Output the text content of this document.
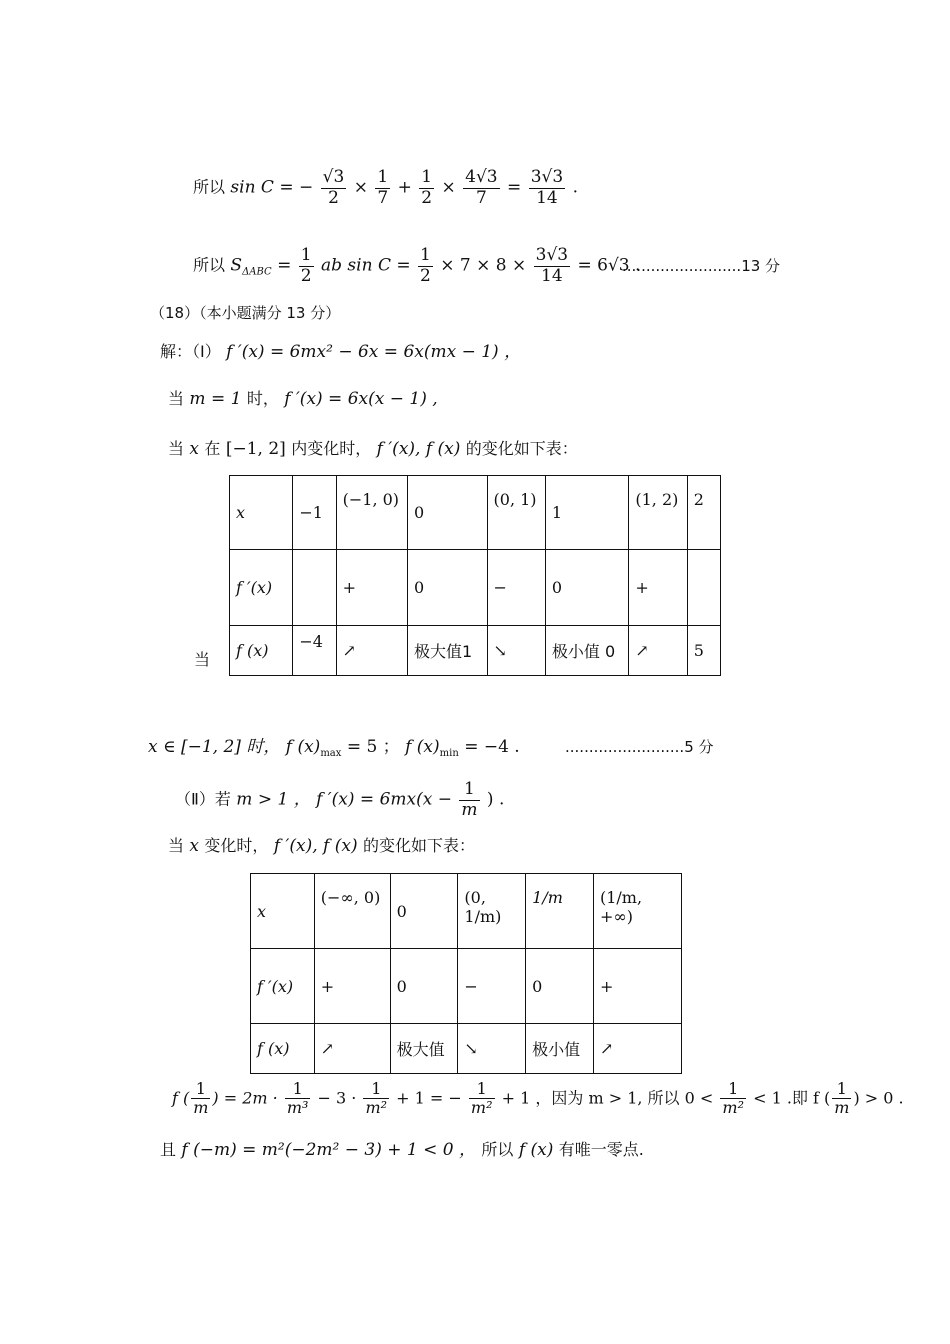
所以 sin C = − $\frac{√3}{2} \times \frac{1}{7} + \frac{1}{2} \times \frac{4√3}{7} = \frac{3√3}{14}$ .
所以 $S_{\Delta ABC} = \frac{1}{2}$ ab $\sin C = \frac{1}{2} \times 7 \times 8 \times \frac{3√3}{14} = 6√3$ .
.........................13 分
（18）（本小题满分 13 分）
解：（Ⅰ） f ′(x) = 6mx² − 6x = 6x(mx − 1) ，
当 m = 1 时， f ′(x) = 6x(x − 1) ,
当 x 在 [−1, 2] 内变化时， f ′(x), f (x) 的变化如下表：
x	−1	(−1, 0)	0	(0, 1)	1	(1, 2)	2
f ′(x)		+	0	−	0	+	
f (x)	−4	↗	极大值1	↘	极小值 0	↗	5
当
x ∈ [−1, 2] 时， f $(x)_{max} = 5$ ； f $(x)_{min} = -4$ .	.........................5 分
（Ⅱ）若 m > 1 ， f $'(x) = 6mx(x - \frac{1}{m}$ ) .
当 x 变化时， f ′(x), f (x) 的变化如下表：
x	(−∞, 0)	0	(0, 1/m)	1/m	(1/m, +∞)
f ′(x)	+	0	−	0	+
f (x)	↗	极大值	↘	极小值	↗
f ( $\frac{1}{m}$ ) = $2m \cdot \frac{1}{\text{m³}} - 3 \cdot \frac{1}{\text{m²}} + 1$ = − $\frac{1}{\text{m²}} + 1$ ，因为 m > 1, 所以 $0 < \frac{1}{\text{m²}} < 1$ .即 f ( $\frac{1}{m}$ ) > 0 .
且 f (−m) = m²(−2m² − 3) + 1 < 0 ， 所以 f (x) 有唯一零点.
